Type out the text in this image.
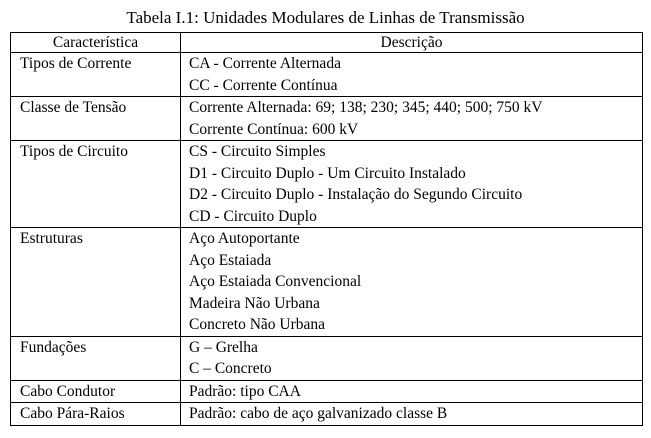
Tabela I.1: Unidades Modulares de Linhas de Transmissão
Característica	Descrição
Tipos de Corrente	CA - Corrente Alternada
CC - Corrente Contínua

Classe de Tensão	Corrente Alternada: 69; 138; 230; 345; 440; 500; 750 kV
Corrente Contínua: 600 kV

Tipos de Circuito	CS - Circuito Simples
D1 - Circuito Duplo - Um Circuito Instalado
D2 - Circuito Duplo - Instalação do Segundo Circuito
CD - Circuito Duplo

Estruturas	Aço Autoportante
Aço Estaiada
Aço Estaiada Convencional
Madeira Não Urbana
Concreto Não Urbana

Fundações	G – Grelha
C – Concreto

Cabo Condutor	Padrão: tipo CAA

Cabo Pára-Raios	Padrão: cabo de aço galvanizado classe B
